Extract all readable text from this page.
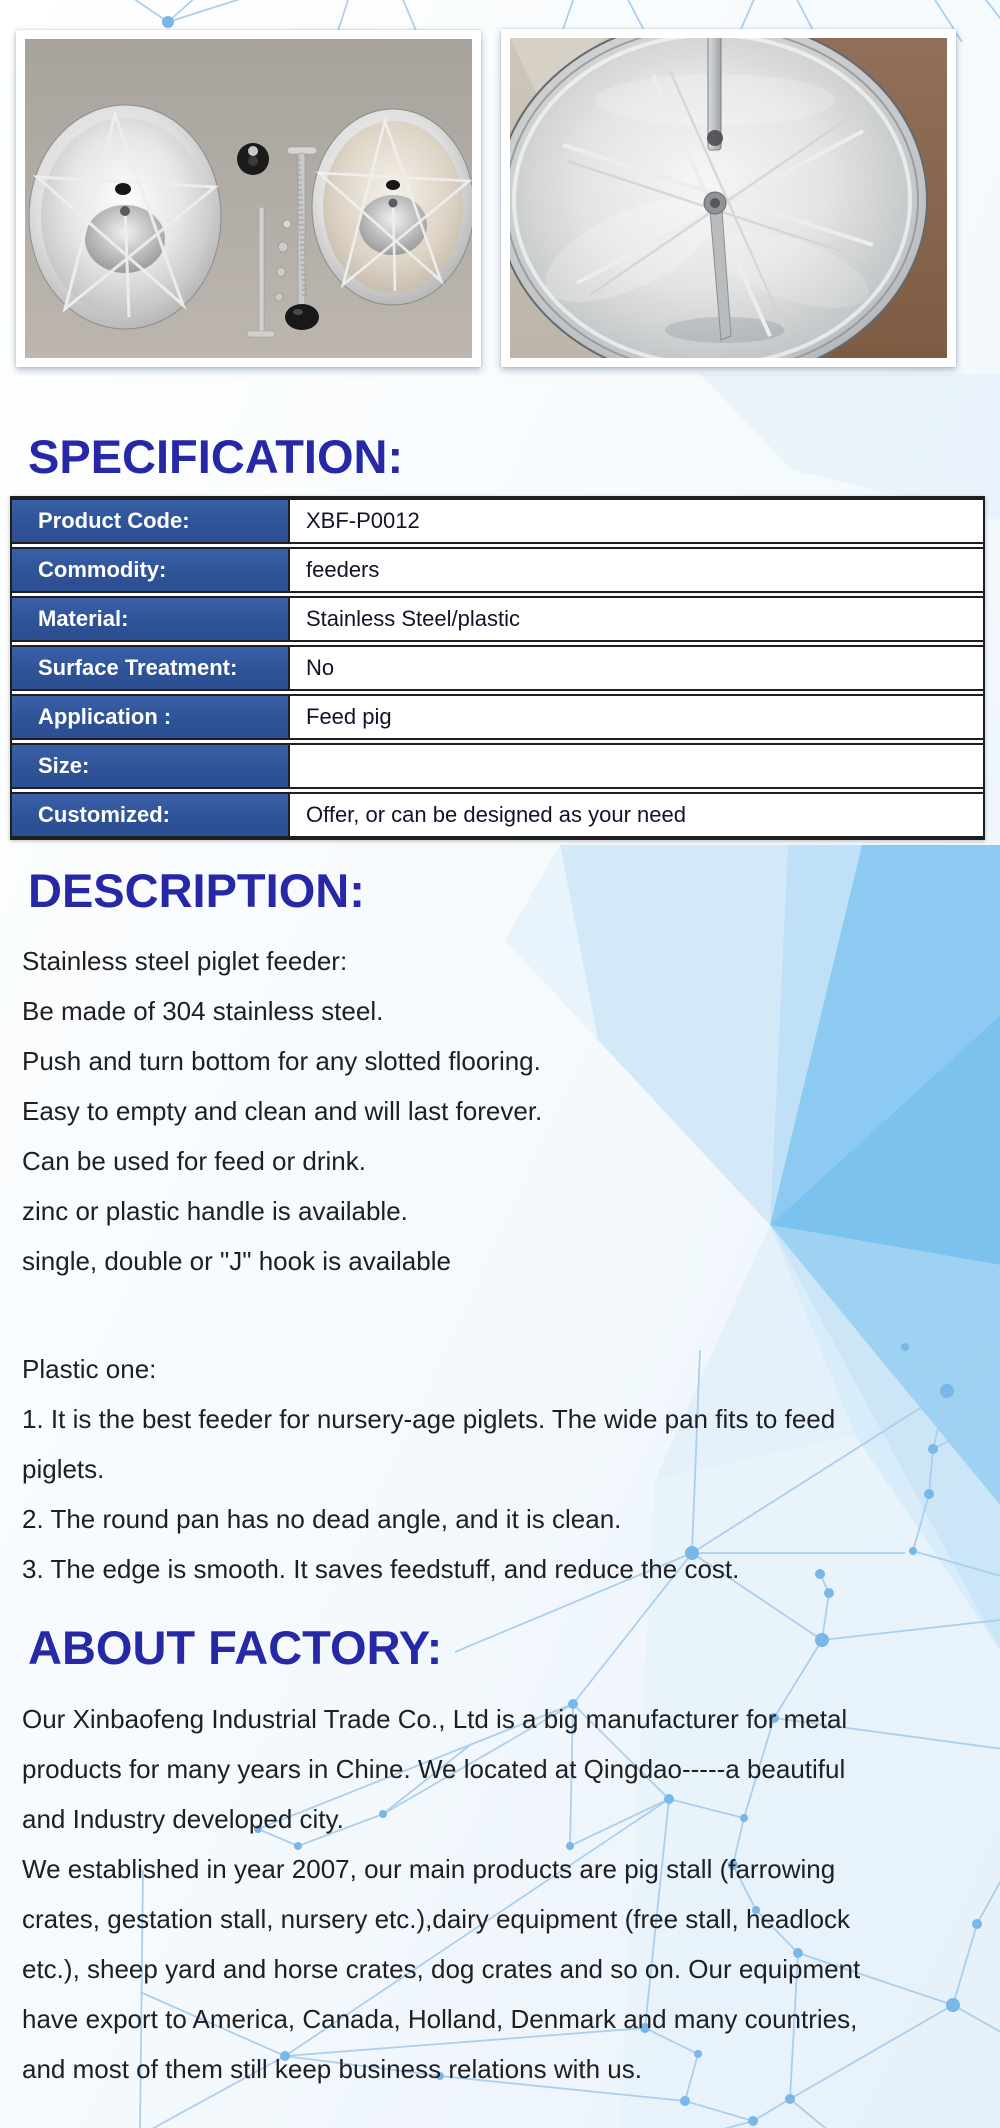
SPECIFICATION:
Product Code:	XBF-P0012
Commodity:	feeders
Material:	Stainless Steel/plastic
Surface Treatment:	No
Application :	Feed pig
Size:
Customized:	Offer, or can be designed as your need
DESCRIPTION:
Stainless steel piglet feeder:
Be made of 304 stainless steel.
Push and turn bottom for any slotted flooring.
Easy to empty and clean and will last forever.
Can be used for feed or drink.
zinc or plastic handle is available.
single, double or "J" hook is available
Plastic one:
1. It is the best feeder for nursery-age piglets. The wide pan fits to feed
piglets.
2. The round pan has no dead angle, and it is clean.
3. The edge is smooth. It saves feedstuff, and reduce the cost.
ABOUT FACTORY:
Our Xinbaofeng Industrial Trade Co., Ltd is a big manufacturer for metal
products for many years in Chine. We located at Qingdao-----a beautiful
and Industry developed city.
We established in year 2007, our main products are pig stall (farrowing
crates, gestation stall, nursery etc.),dairy equipment (free stall, headlock
etc.), sheep yard and horse crates, dog crates and so on. Our equipment
have export to America, Canada, Holland, Denmark and many countries,
and most of them still keep business relations with us.
